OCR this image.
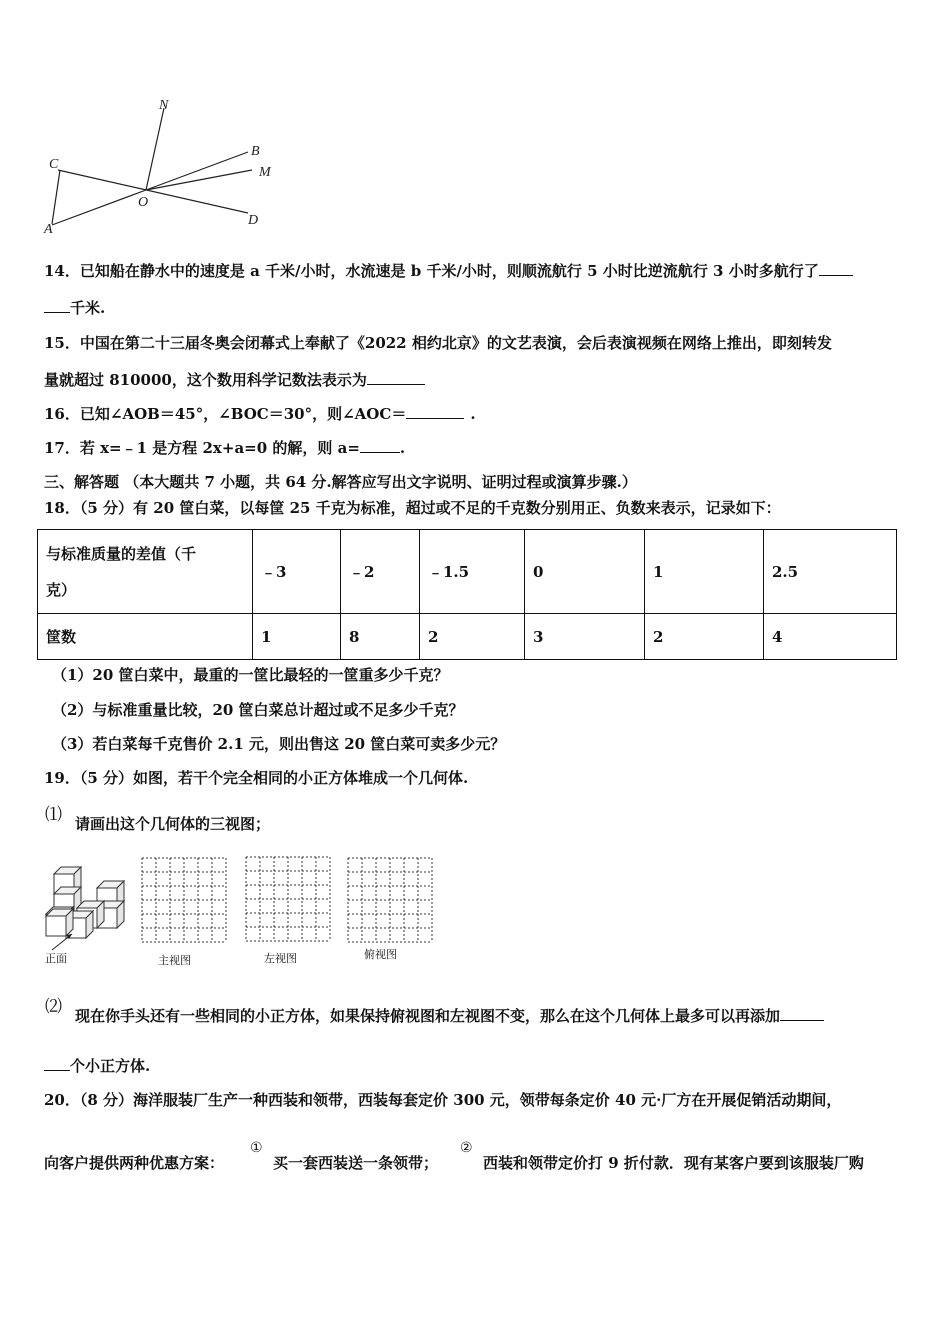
N
C
B
M
O
A
D
14．已知船在静水中的速度是 a 千米/小时，水流速是 b 千米/小时，则顺流航行 5 小时比逆流航行 3 小时多航行了
千米.
15．中国在第二十三届冬奥会闭幕式上奉献了《2022 相约北京》的文艺表演，会后表演视频在网络上推出，即刻转发
量就超过 810000，这个数用科学记数法表示为
16．已知∠AOB＝45°，∠BOC＝30°，则∠AOC＝	.
17．若 x=﹣1 是方程 2x+a=0 的解，则 a=	.
三、解答题 （本大题共 7 小题，共 64 分.解答应写出文字说明、证明过程或演算步骤.）
18．（5 分）有 20 筐白菜，以每筐 25 千克为标准，超过或不足的千克数分别用正、负数来表示，记录如下：
与标准质量的差值（千
克）	﹣3	﹣2	﹣1.5	0	1	2.5
筐数	1	8	2	3	2	4
（1）20 筐白菜中，最重的一筐比最轻的一筐重多少千克？
（2）与标准重量比较，20 筐白菜总计超过或不足多少千克？
（3）若白菜每千克售价 2.1 元，则出售这 20 筐白菜可卖多少元？
19．（5 分）如图，若干个完全相同的小正方体堆成一个几何体.
⑴ 请画出这个几何体的三视图；
正面	主视图	左视图	俯视图
⑵ 现在你手头还有一些相同的小正方体，如果保持俯视图和左视图不变，那么在这个几何体上最多可以再添加
个小正方体.
20．（8 分）海洋服装厂生产一种西装和领带，西装每套定价 300 元，领带每条定价 40 元·厂方在开展促销活动期间，
向客户提供两种优惠方案：
①
买一套西装送一条领带；
②
西装和领带定价打 9 折付款．现有某客户要到该服装厂购
